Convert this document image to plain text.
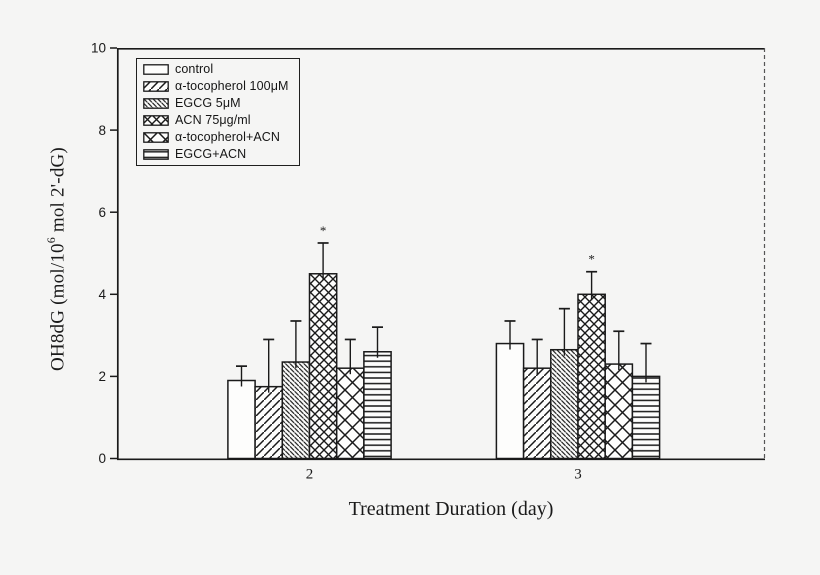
0
2
4
6
8
10
*
*
2	3
OH8dG ($mol/10^6$ mol 2'-dG)
Treatment Duration (day)
control
α-tocopherol 100μM
EGCG 5μM
ACN 75μg/ml
α-tocopherol+ACN
EGCG+ACN
